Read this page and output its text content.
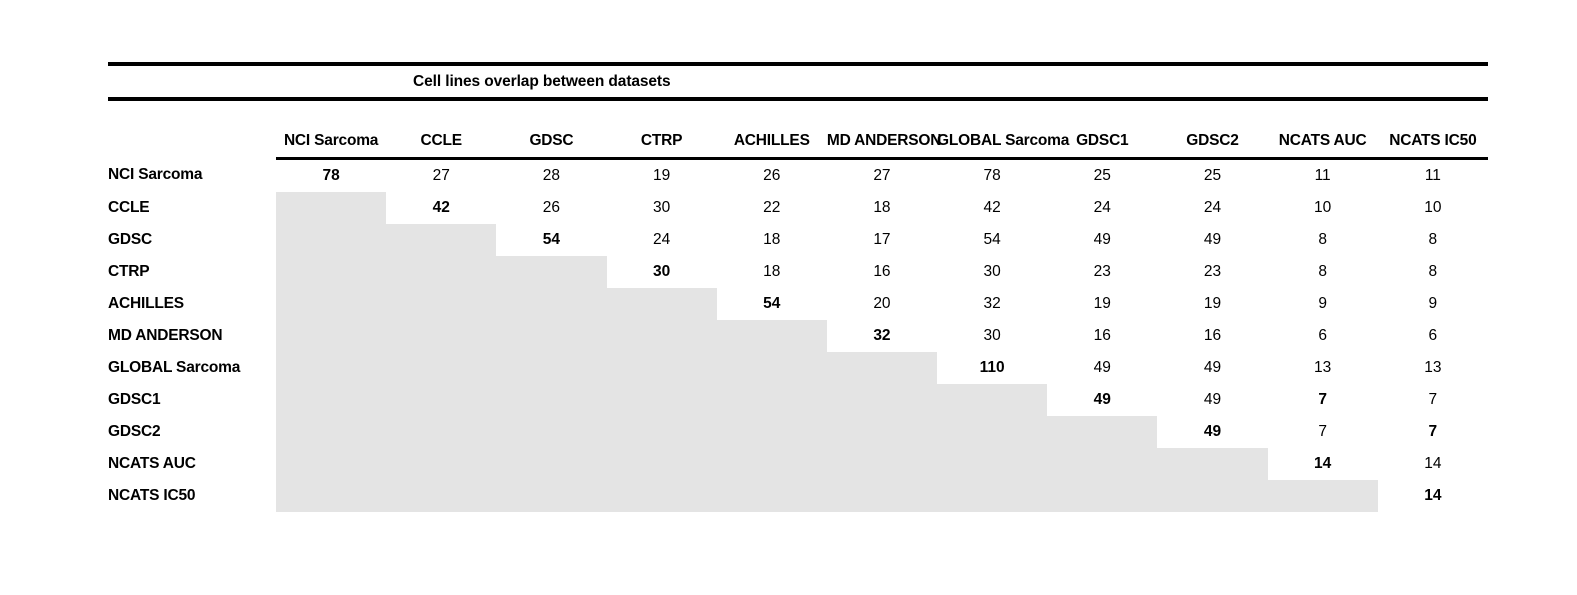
Cell lines overlap between datasets
	NCI Sarcoma	CCLE	GDSC	CTRP	ACHILLES	MD ANDERSON	GLOBAL Sarcoma	GDSC1	GDSC2	NCATS AUC	NCATS IC50
NCI Sarcoma	78	27	28	19	26	27	78	25	25	11	11
CCLE		42	26	30	22	18	42	24	24	10	10
GDSC			54	24	18	17	54	49	49	8	8
CTRP				30	18	16	30	23	23	8	8
ACHILLES					54	20	32	19	19	9	9
MD ANDERSON						32	30	16	16	6	6
GLOBAL Sarcoma							110	49	49	13	13
GDSC1								49	49	7	7
GDSC2									49	7	7
NCATS AUC										14	14
NCATS IC50											14
